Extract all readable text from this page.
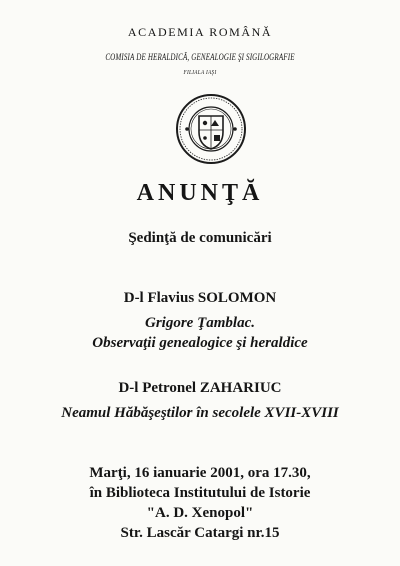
ACADEMIA ROMÂNĂ
COMISIA DE HERALDICĂ, GENEALOGIE ŞI SIGILOGRAFIE
FILIALA IAŞI
ANUNŢĂ
Şedinţă de comunicări
D-l Flavius SOLOMON
Grigore Ţamblac.
Observaţii genealogice şi heraldice
D-l Petronel ZAHARIUC
Neamul Hăbăşeştilor în secolele XVII-XVIII
Marţi, 16 ianuarie 2001, ora 17.30,
în Biblioteca Institutului de Istorie
"A. D. Xenopol"
Str. Lascăr Catargi nr.15
